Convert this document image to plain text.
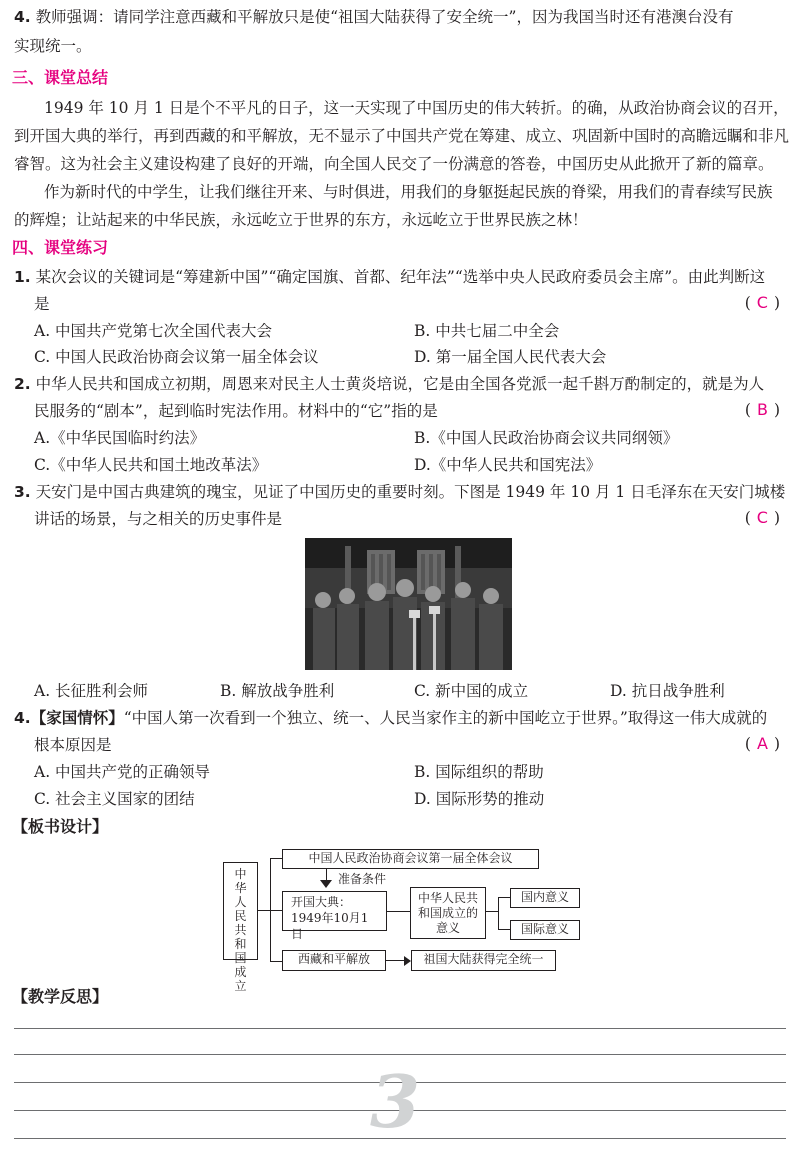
4. 教师强调：请同学注意西藏和平解放只是使“祖国大陆获得了安全统一”，因为我国当时还有港澳台没有
实现统一。
三、课堂总结
1949 年 10 月 1 日是个不平凡的日子，这一天实现了中国历史的伟大转折。的确，从政治协商会议的召开，
到开国大典的举行，再到西藏的和平解放，无不显示了中国共产党在筹建、成立、巩固新中国时的高瞻远瞩和非凡
睿智。这为社会主义建设构建了良好的开端，向全国人民交了一份满意的答卷，中国历史从此掀开了新的篇章。
作为新时代的中学生，让我们继往开来、与时俱进，用我们的身躯挺起民族的脊梁，用我们的青春续写民族
的辉煌；让站起来的中华民族，永远屹立于世界的东方，永远屹立于世界民族之林！
四、课堂练习
1. 某次会议的关键词是“筹建新中国”“确定国旗、首都、纪年法”“选举中央人民政府委员会主席”。由此判断这
是	( C )
A. 中国共产党第七次全国代表大会	B. 中共七届二中全会
C. 中国人民政治协商会议第一届全体会议	D. 第一届全国人民代表大会
2. 中华人民共和国成立初期，周恩来对民主人士黄炎培说，它是由全国各党派一起千斟万酌制定的，就是为人
民服务的“剧本”，起到临时宪法作用。材料中的“它”指的是	( B )
A.《中华民国临时约法》	B.《中国人民政治协商会议共同纲领》
C.《中华人民共和国土地改革法》	D.《中华人民共和国宪法》
3. 天安门是中国古典建筑的瑰宝，见证了中国历史的重要时刻。下图是 1949 年 10 月 1 日毛泽东在天安门城楼
讲话的场景，与之相关的历史事件是	( C )
A. 长征胜利会师	B. 解放战争胜利	C. 新中国的成立	D. 抗日战争胜利
4.【家国情怀】“中国人第一次看到一个独立、统一、人民当家作主的新中国屹立于世界。”取得这一伟大成就的
根本原因是	( A )
A. 中国共产党的正确领导	B. 国际组织的帮助
C. 社会主义国家的团结	D. 国际形势的推动
【板书设计】
中华人民共和国成立
中国人民政治协商会议第一届全体会议
准备条件
开国大典：
1949年10月1日
中华人民共和国成立的意义
国内意义
国际意义
西藏和平解放	祖国大陆获得完全统一
【教学反思】
3
